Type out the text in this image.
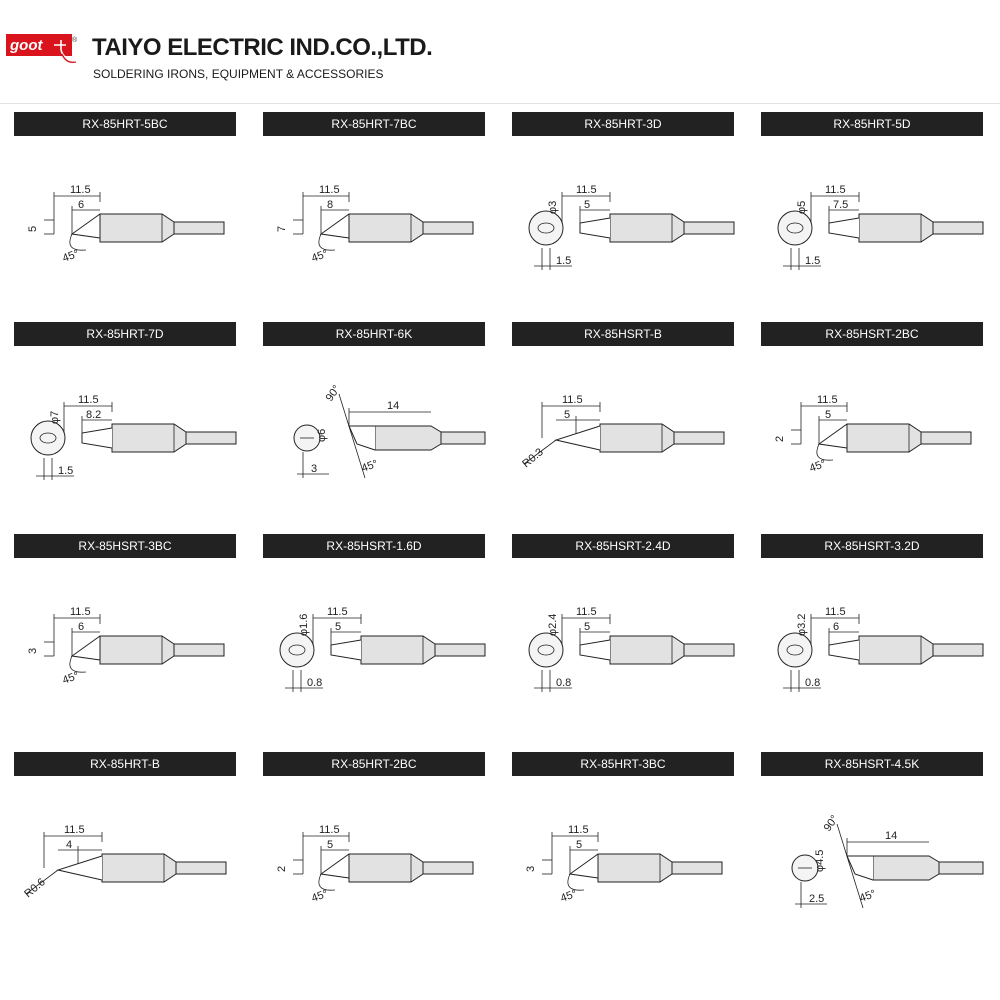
goot	® TAIYO ELECTRIC IND.CO.,LTD.
SOLDERING IRONS, EQUIPMENT & ACCESSORIES
RX-85HRT-5BC
11.5
6
5
45°
RX-85HRT-7BC
11.5
8
7
45°
RX-85HRT-3D
11.5
5
φ3
1.5
RX-85HRT-5D
11.5
7.5
φ5
1.5
RX-85HRT-7D
11.5
8.2
φ7
1.5
RX-85HRT-6K
14
90°
φ6
3	45°
RX-85HSRT-B
11.5
5
R0.3
RX-85HSRT-2BC
11.5
5
2
45°
RX-85HSRT-3BC
11.5
6
3
45°
RX-85HSRT-1.6D
11.5
5
φ1.6
0.8
RX-85HSRT-2.4D
11.5
5
φ2.4
0.8
RX-85HSRT-3.2D
11.5
6
φ3.2
0.8
RX-85HRT-B
11.5
4
R0.6
RX-85HRT-2BC
11.5
5
2
45°
RX-85HRT-3BC
11.5
5
3
45°
RX-85HSRT-4.5K
14
90°
φ4.5
2.5	45°
